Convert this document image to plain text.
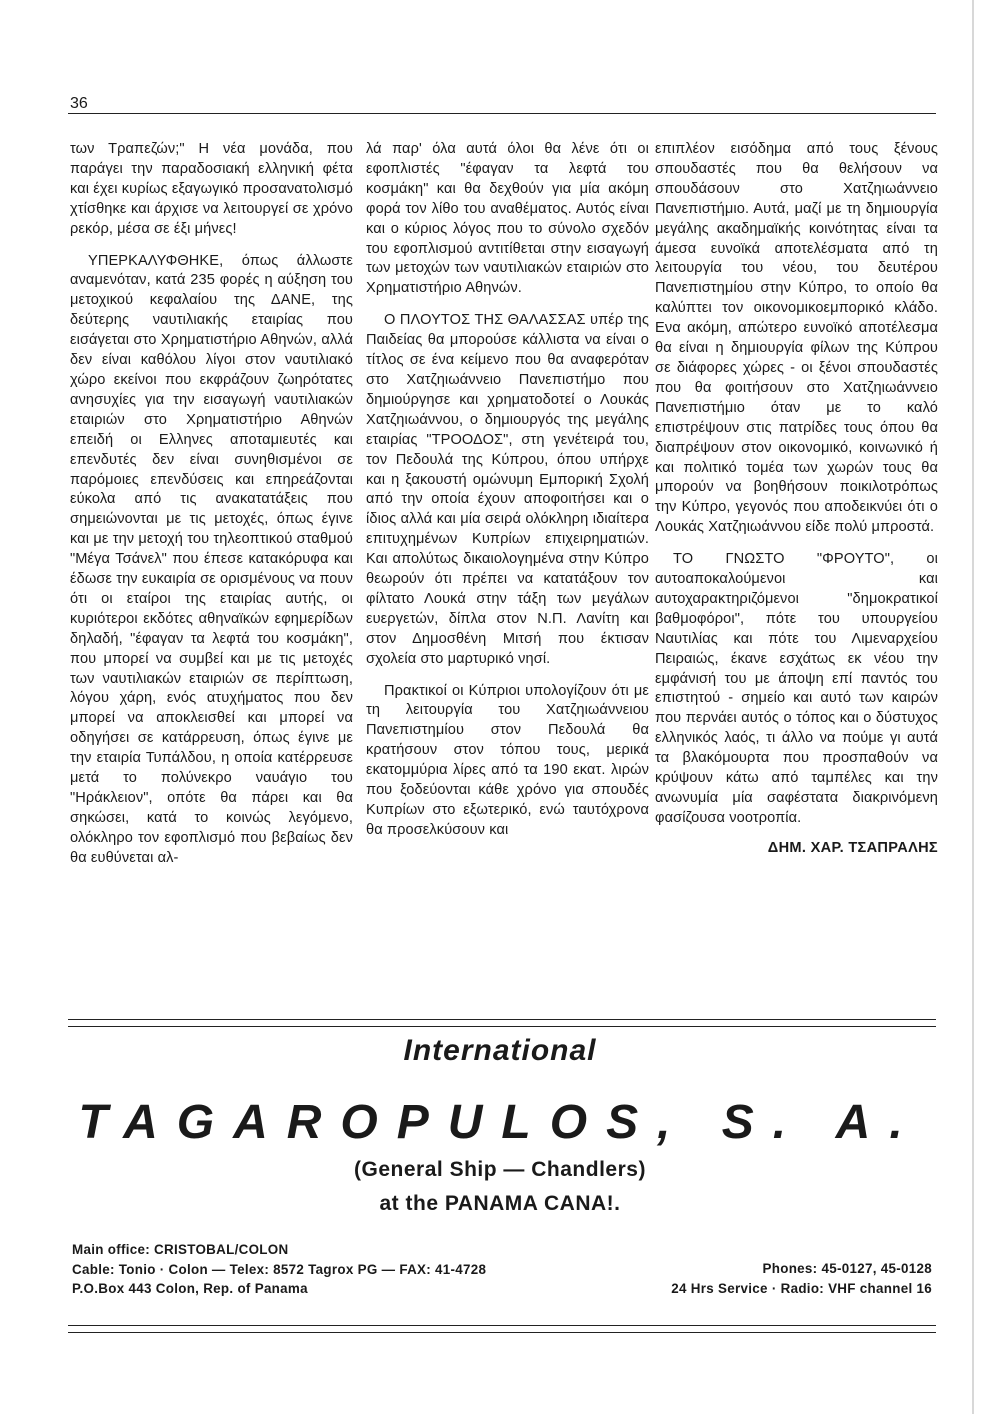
36

των Τραπεζών;" Η νέα μονάδα, που παράγει την παραδοσιακή ελληνική φέτα και έχει κυρίως εξαγωγικό προσανατολισμό χτίσθηκε και άρχισε να λειτουργεί σε χρόνο ρεκόρ, μέσα σε έξι μήνες!

ΥΠΕΡΚΑΛΥΦΘΗΚΕ, όπως άλλωστε αναμενόταν, κατά 235 φορές η αύξηση του μετοχικού κεφαλαίου της ΔΑΝΕ, της δεύτερης ναυτιλιακής εταιρίας που εισάγεται στο Χρηματιστήριο Αθηνών, αλλά δεν είναι καθόλου λίγοι στον ναυτιλιακό χώρο εκείνοι που εκφράζουν ζωηρότατες ανησυχίες για την εισαγωγή ναυτιλιακών εταιριών στο Χρηματιστήριο Αθηνών επειδή οι Ελληνες αποταμιευτές και επενδυτές δεν είναι συνηθισμένοι σε παρόμοιες επενδύσεις και επηρεάζονται εύκολα από τις ανακατατάξεις που σημειώνονται με τις μετοχές, όπως έγινε και με την μετοχή του τηλεοπτικού σταθμού "Μέγα Τσάνελ" που έπεσε κατακόρυφα και έδωσε την ευκαιρία σε ορισμένους να πουν ότι οι εταίροι της εταιρίας αυτής, οι κυριότεροι εκδότες αθηναϊκών εφημερίδων δηλαδή, "έφαγαν τα λεφτά του κοσμάκη", που μπορεί να συμβεί και με τις μετοχές των ναυτιλιακών εταιριών σε περίπτωση, λόγου χάρη, ενός ατυχήματος που δεν μπορεί να αποκλεισθεί και μπορεί να οδηγήσει σε κατάρρευση, όπως έγινε με την εταιρία Τυπάλδου, η οποία κατέρρευσε μετά το πολύνεκρο ναυάγιο του "Ηράκλειον", οπότε θα πάρει και θα σηκώσει, κατά το κοινώς λεγόμενο, ολόκληρο τον εφοπλισμό που βεβαίως δεν θα ευθύνεται αλ-

λά παρ' όλα αυτά όλοι θα λένε ότι οι εφοπλιστές "έφαγαν τα λεφτά του κοσμάκη" και θα δεχθούν για μία ακόμη φορά τον λίθο του αναθέματος. Αυτός είναι και ο κύριος λόγος που το σύνολο σχεδόν του εφοπλισμού αντιτίθεται στην εισαγωγή των μετοχών των ναυτιλιακών εταιριών στο Χρηματιστήριο Αθηνών.

Ο ΠΛΟΥΤΟΣ ΤΗΣ ΘΑΛΑΣΣΑΣ υπέρ της Παιδείας θα μπορούσε κάλλιστα να είναι ο τίτλος σε ένα κείμενο που θα αναφερόταν στο Χατζηιωάννειο Πανεπιστήμο που δημιούργησε και χρηματοδοτεί ο Λουκάς Χατζηιωάννου, ο δημιουργός της μεγάλης εταιρίας "ΤΡΟΟΔΟΣ", στη γενέτειρά του, τον Πεδουλά της Κύπρου, όπου υπήρχε και η ξακουστή ομώνυμη Εμπορική Σχολή από την οποία έχουν αποφοιτήσει και ο ίδιος αλλά και μία σειρά ολόκληρη ιδιαίτερα επιτυχημένων Κυπρίων επιχειρηματιών. Και απολύτως δικαιολογημένα στην Κύπρο θεωρούν ότι πρέπει να κατατάξουν τον φίλτατο Λουκά στην τάξη των μεγάλων ευεργετών, δίπλα στον Ν.Π. Λανίτη και στον Δημοσθένη Μιτσή που έκτισαν σχολεία στο μαρτυρικό νησί.

Πρακτικοί οι Κύπριοι υπολογίζουν ότι με τη λειτουργία του Χατζηιωάννειου Πανεπιστημίου στον Πεδουλά θα κρατήσουν στον τόπου τους, μερικά εκατομμύρια λίρες από τα 190 εκατ. λιρών που ξοδεύονται κάθε χρόνο για σπουδές Κυπρίων στο εξωτερικό, ενώ ταυτόχρονα θα προσελκύσουν και

επιπλέον εισόδημα από τους ξένους σπουδαστές που θα θελήσουν να σπουδάσουν στο Χατζηιωάννειο Πανεπιστήμιο. Αυτά, μαζί με τη δημιουργία μεγάλης ακαδημαϊκής κοινότητας είναι τα άμεσα ευνοϊκά αποτελέσματα από τη λειτουργία του νέου, του δευτέρου Πανεπιστημίου στην Κύπρο, το οποίο θα καλύπτει τον οικονομικοεμπορικό κλάδο. Ενα ακόμη, απώτερο ευνοϊκό αποτέλεσμα θα είναι η δημιουργία φίλων της Κύπρου σε διάφορες χώρες - οι ξένοι σπουδαστές που θα φοιτήσουν στο Χατζηιωάννειο Πανεπιστήμιο όταν με το καλό επιστρέψουν στις πατρίδες τους όπου θα διαπρέψουν στον οικονομικό, κοινωνικό ή και πολιτικό τομέα των χωρών τους θα μπορούν να βοηθήσουν ποικιλοτρόπως την Κύπρο, γεγονός που αποδεικνύει ότι ο Λουκάς Χατζηιωάννου είδε πολύ μπροστά.

ΤΟ ΓΝΩΣΤΟ "ΦΡΟΥΤΟ", οι αυτοαποκαλούμενοι και αυτοχαρακτηριζόμενοι "δημοκρατικοί βαθμοφόροι", πότε του υπουργείου Ναυτιλίας και πότε του Λιμεναρχείου Πειραιώς, έκανε εσχάτως εκ νέου την εμφάνισή του με άποψη επί παντός του επιστητού - σημείο και αυτό των καιρών που περνάει αυτός ο τόπος και ο δύστυχος ελληνικός λαός, τι άλλο να πούμε γι αυτά τα βλακόμουρτα που προσπαθούν να κρύψουν κάτω από ταμπέλες και την ανωνυμία μία σαφέστατα διακρινόμενη φασίζουσα νοοτροπία.

ΔΗΜ. ΧΑΡ. ΤΣΑΠΡΑΛΗΣ

International
TAGAROPULOS, S. A.
(General Ship — Chandlers)
at the PANAMA CANA!.
Main office: CRISTOBAL/COLON
Cable: Tonio · Colon — Telex: 8572 Tagrox PG — FAX: 41-4728
P.O.Box 443 Colon, Rep. of Panama
Phones: 45-0127, 45-0128
24 Hrs Service · Radio: VHF channel 16
